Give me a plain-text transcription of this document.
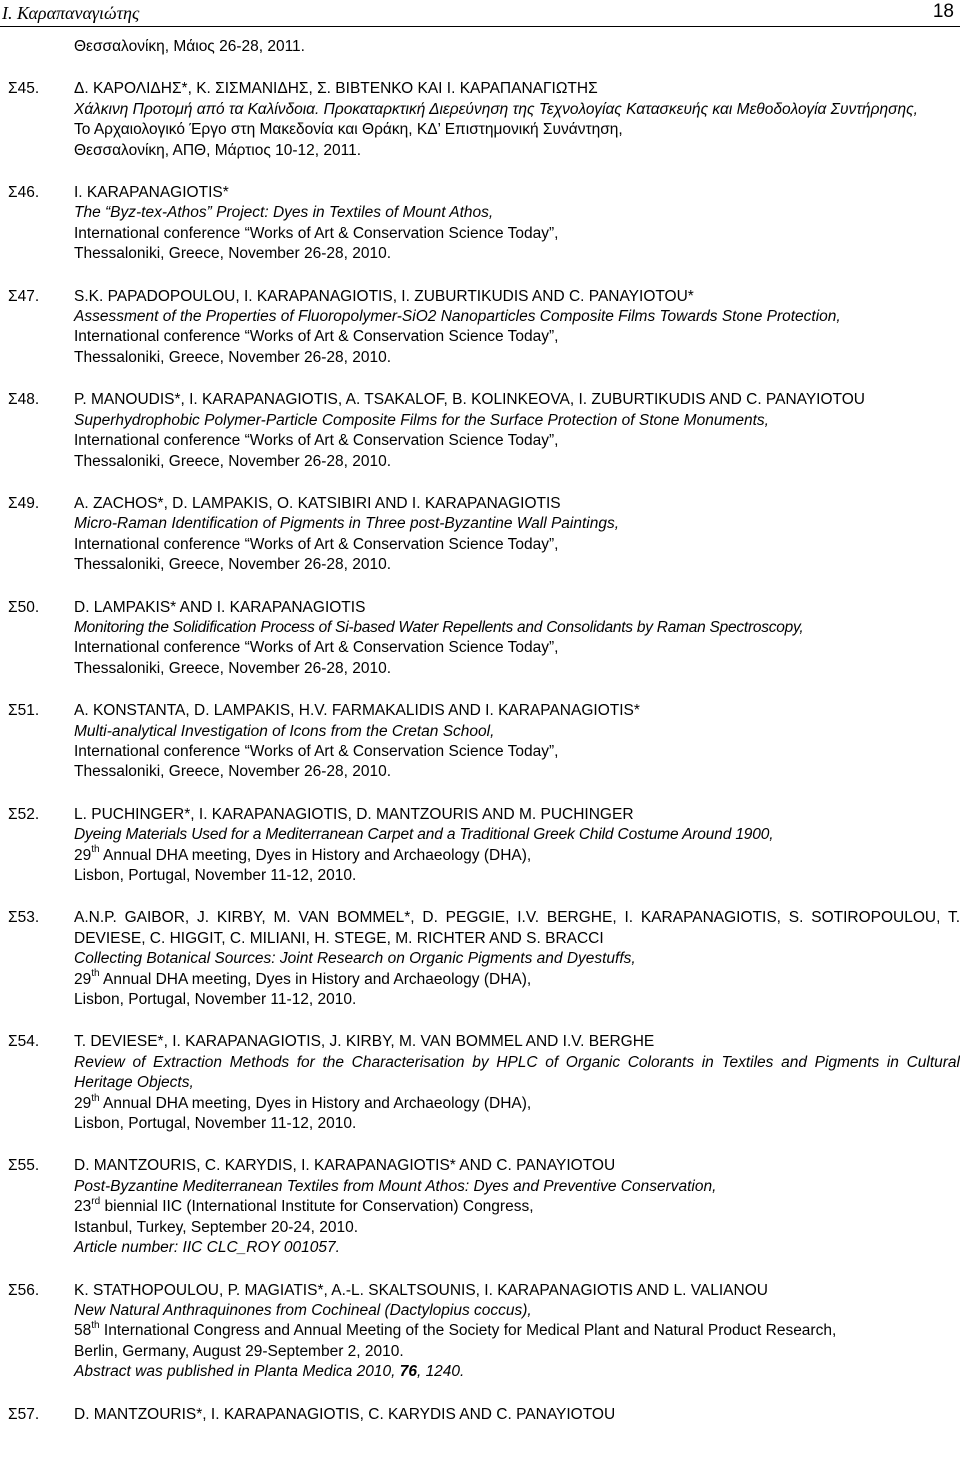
Ι. Καραπαναγιώτης	18
Θεσσαλονίκη, Μάιος 26-28, 2011.
Σ45. Δ. ΚΑΡΟΛΙΔΗΣ*, Κ. ΣΙΣΜΑΝΙΔΗΣ, Σ. ΒΙΒΤΕΝΚΟ ΚΑΙ Ι. ΚΑΡΑΠΑΝΑΓΙΩΤΗΣ
Χάλκινη Προτομή από τα Καλίνδοια. Προκαταρκτική Διερεύνηση της Τεχνολογίας Κατασκευής και Μεθοδολογία Συντήρησης,
Το Αρχαιολογικό Έργο στη Μακεδονία και Θράκη, ΚΔ’ Επιστημονική Συνάντηση,
Θεσσαλονίκη, ΑΠΘ, Μάρτιος 10-12, 2011.
Σ46. I. KARAPANAGIOTIS*
The “Byz-tex-Athos” Project: Dyes in Textiles of Mount Athos,
International conference “Works of Art & Conservation Science Today”,
Thessaloniki, Greece, November 26-28, 2010.
Σ47. S.K. PAPADOPOULOU, I. KARAPANAGIOTIS, I. ZUBURTIKUDIS AND C. PANAYIOTOU*
Assessment of the Properties of Fluoropolymer-SiO2 Nanoparticles Composite Films Towards Stone Protection,
International conference “Works of Art & Conservation Science Today”,
Thessaloniki, Greece, November 26-28, 2010.
Σ48. P. MANOUDIS*, I. KARAPANAGIOTIS, A. TSAKALOF, B. KOLINKEOVA, I. ZUBURTIKUDIS AND C. PANAYIOTOU
Superhydrophobic Polymer-Particle Composite Films for the Surface Protection of Stone Monuments,
International conference “Works of Art & Conservation Science Today”,
Thessaloniki, Greece, November 26-28, 2010.
Σ49. A. ZACHOS*, D. LAMPAKIS, O. KATSIBIRI AND I. KARAPANAGIOTIS
Micro-Raman Identification of Pigments in Three post-Byzantine Wall Paintings,
International conference “Works of Art & Conservation Science Today”,
Thessaloniki, Greece, November 26-28, 2010.
Σ50. D. LAMPAKIS* AND I. KARAPANAGIOTIS
Monitoring the Solidification Process of Si-based Water Repellents and Consolidants by Raman Spectroscopy,
International conference “Works of Art & Conservation Science Today”,
Thessaloniki, Greece, November 26-28, 2010.
Σ51. A. KONSTANTA, D. LAMPAKIS, H.V. FARMAKALIDIS AND I. KARAPANAGIOTIS*
Multi-analytical Investigation of Icons from the Cretan School,
International conference “Works of Art & Conservation Science Today”,
Thessaloniki, Greece, November 26-28, 2010.
Σ52. L. PUCHINGER*, I. KARAPANAGIOTIS, D. MANTZOURIS AND M. PUCHINGER
Dyeing Materials Used for a Mediterranean Carpet and a Traditional Greek Child Costume Around 1900,
29th Annual DHA meeting, Dyes in History and Archaeology (DHA),
Lisbon, Portugal, November 11-12, 2010.
Σ53. A.N.P. GAIBOR, J. KIRBY, M. VAN BOMMEL*, D. PEGGIE, I.V. BERGHE, I. KARAPANAGIOTIS, S. SOTIROPOULOU, T. DEVIESE, C. HIGGIT, C. MILIANI, H. STEGE, M. RICHTER AND S. BRACCI
Collecting Botanical Sources: Joint Research on Organic Pigments and Dyestuffs,
29th Annual DHA meeting, Dyes in History and Archaeology (DHA),
Lisbon, Portugal, November 11-12, 2010.
Σ54. T. DEVIESE*, I. KARAPANAGIOTIS, J. KIRBY, M. VAN BOMMEL AND I.V. BERGHE
Review of Extraction Methods for the Characterisation by HPLC of Organic Colorants in Textiles and Pigments in Cultural Heritage Objects,
29th Annual DHA meeting, Dyes in History and Archaeology (DHA),
Lisbon, Portugal, November 11-12, 2010.
Σ55. D. MANTZOURIS, C. KARYDIS, I. KARAPANAGIOTIS* AND C. PANAYIOTOU
Post-Byzantine Mediterranean Textiles from Mount Athos: Dyes and Preventive Conservation,
23rd biennial IIC (International Institute for Conservation) Congress,
Istanbul, Turkey, September 20-24, 2010.
Article number: IIC CLC_ROY 001057.
Σ56. K. STATHOPOULOU, P. MAGIATIS*, A.-L. SKALTSOUNIS, I. KARAPANAGIOTIS AND L. VALIANOU
New Natural Anthraquinones from Cochineal (Dactylopius coccus),
58th International Congress and Annual Meeting of the Society for Medical Plant and Natural Product Research,
Berlin, Germany, August 29-September 2, 2010.
Abstract was published in Planta Medica 2010, 76, 1240.
Σ57. D. MANTZOURIS*, I. KARAPANAGIOTIS, C. KARYDIS AND C. PANAYIOTOU
